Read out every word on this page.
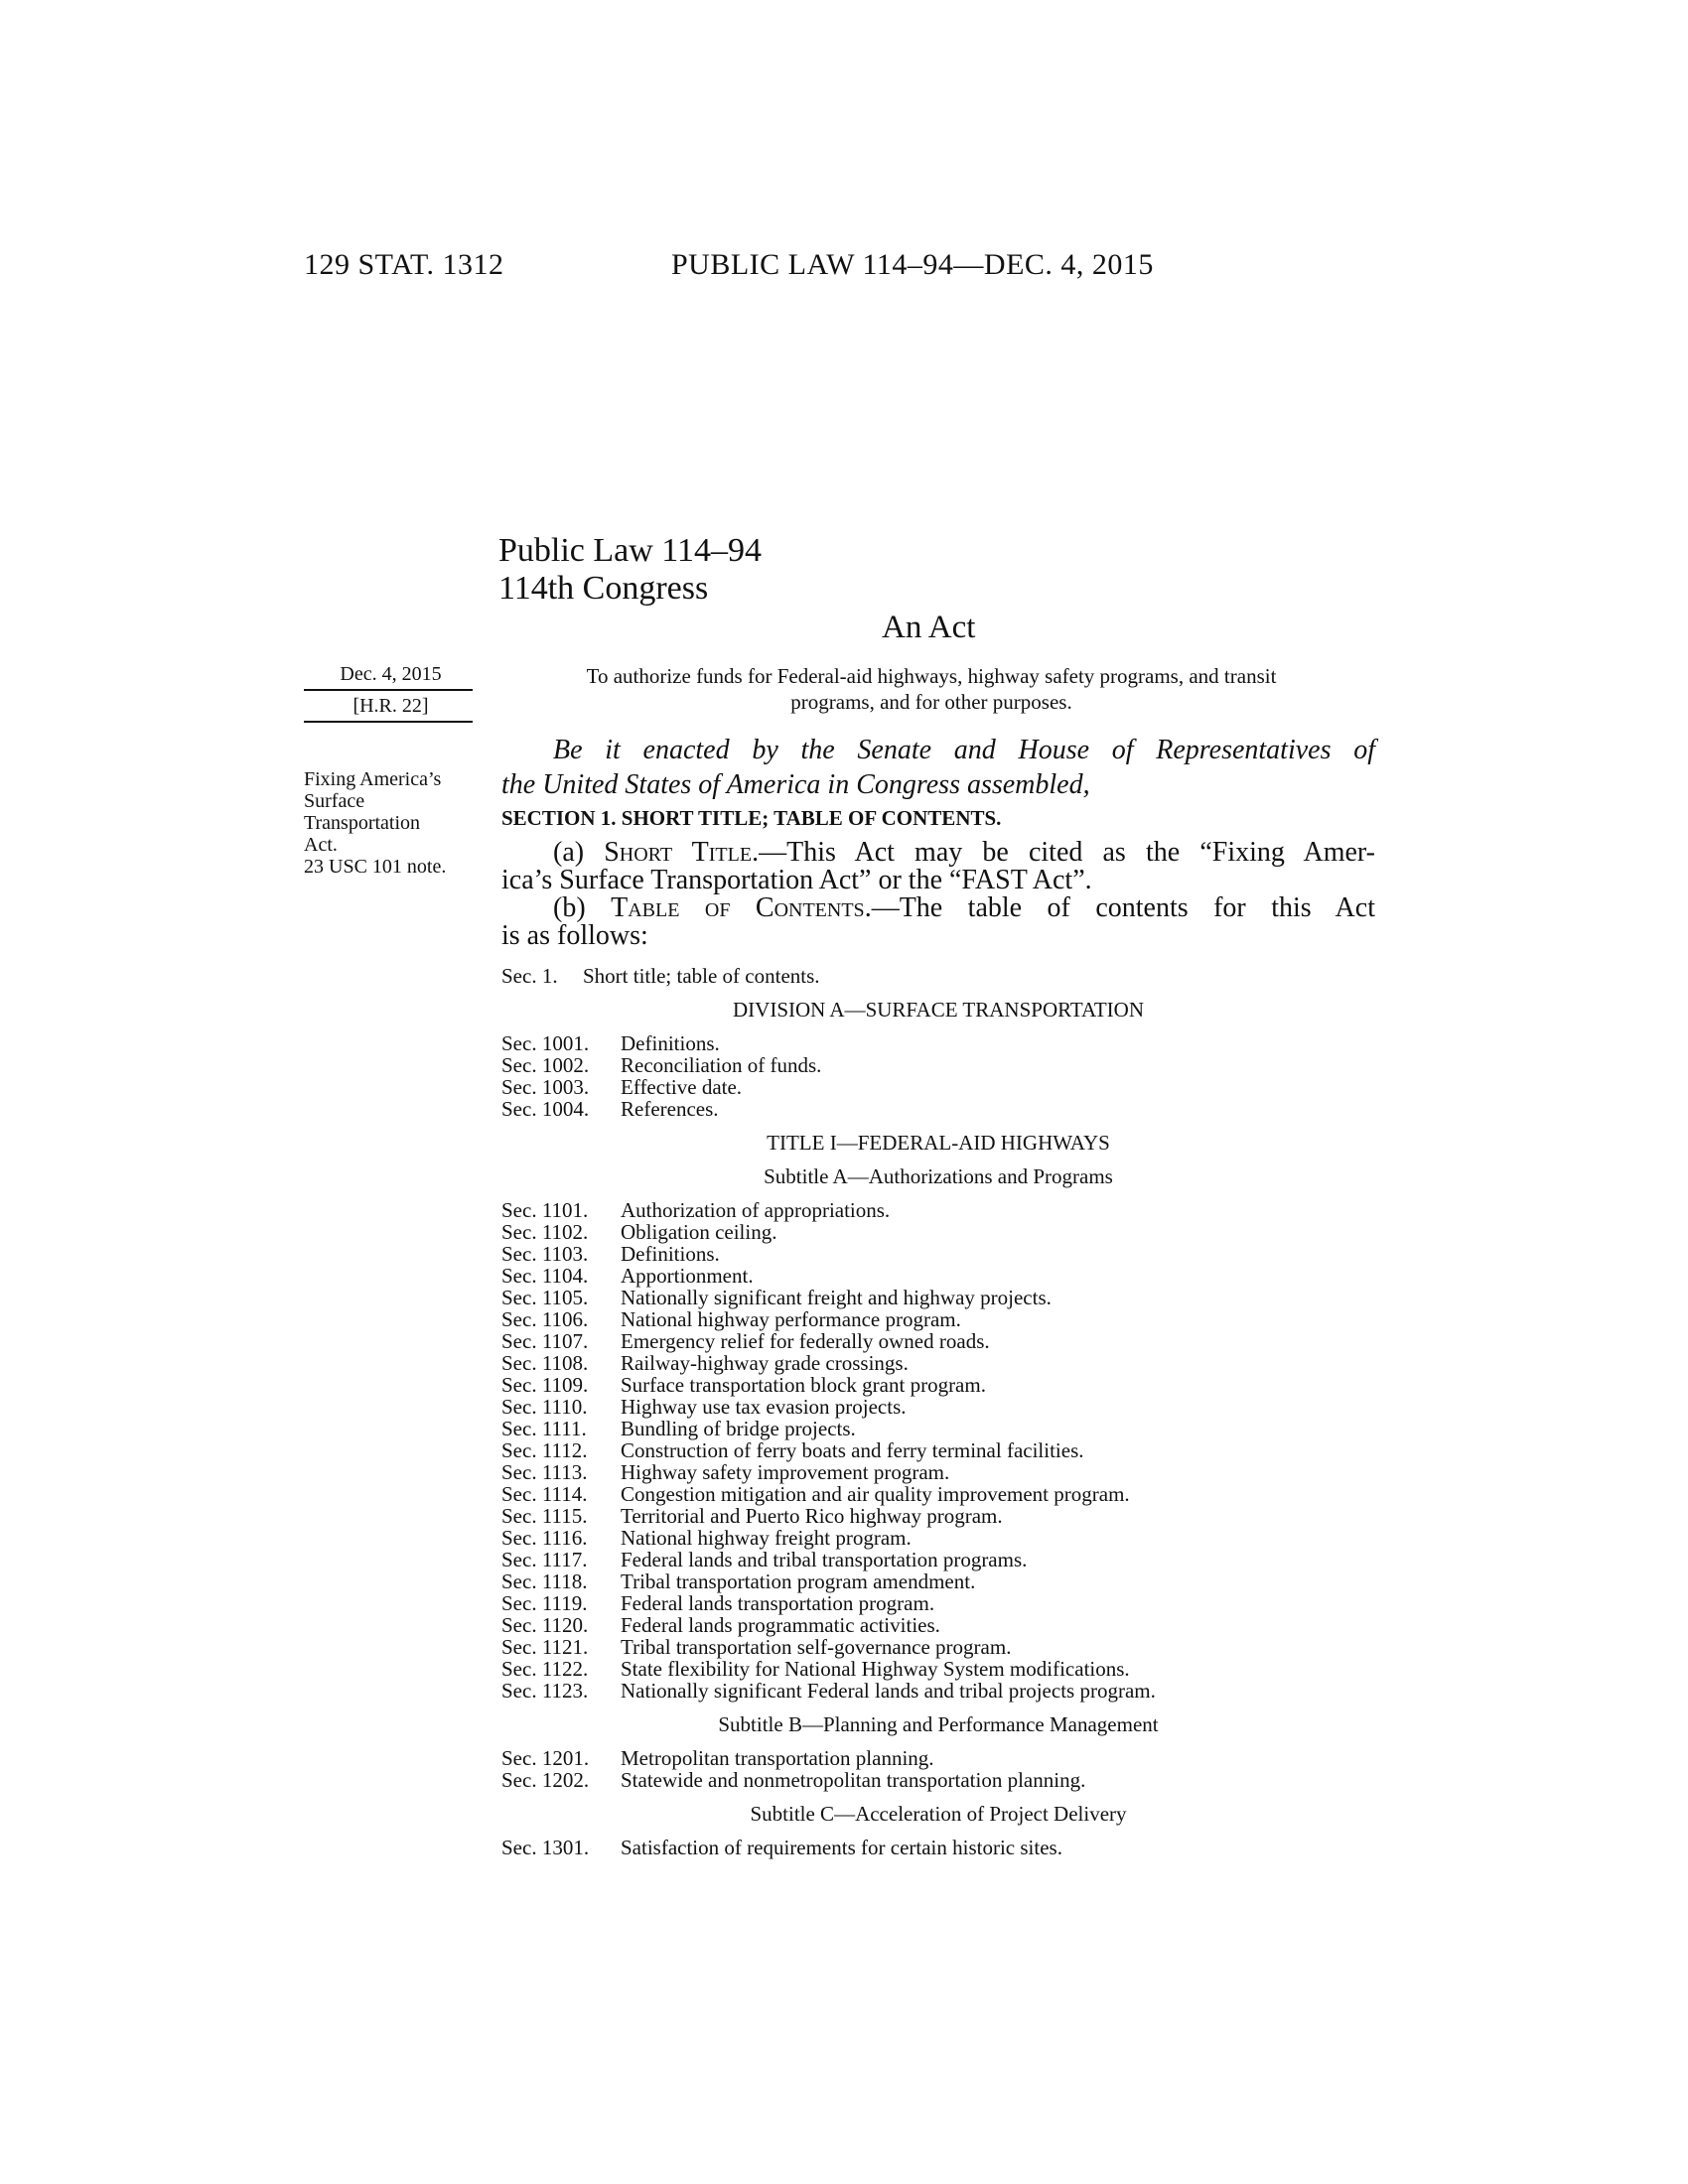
129 STAT. 1312	PUBLIC LAW 114–94—DEC. 4, 2015
Public Law 114–94
114th Congress
An Act
Dec. 4, 2015
[H.R. 22]
Fixing America’s
Surface
Transportation
Act.
23 USC 101 note.
To authorize funds for Federal-aid highways, highway safety programs, and transit
programs, and for other purposes.
Be it enacted by the Senate and House of Representatives of
the United States of America in Congress assembled,
SECTION 1. SHORT TITLE; TABLE OF CONTENTS.
(a) Short Title.—This Act may be cited as the “Fixing Amer-
ica’s Surface Transportation Act” or the “FAST Act”.
(b) Table of Contents.—The table of contents for this Act
is as follows:
Sec. 1. Short title; table of contents.
DIVISION A—SURFACE TRANSPORTATION
Sec. 1001. Definitions.
Sec. 1002. Reconciliation of funds.
Sec. 1003. Effective date.
Sec. 1004. References.
TITLE I—FEDERAL-AID HIGHWAYS
Subtitle A—Authorizations and Programs
Sec. 1101. Authorization of appropriations.
Sec. 1102. Obligation ceiling.
Sec. 1103. Definitions.
Sec. 1104. Apportionment.
Sec. 1105. Nationally significant freight and highway projects.
Sec. 1106. National highway performance program.
Sec. 1107. Emergency relief for federally owned roads.
Sec. 1108. Railway-highway grade crossings.
Sec. 1109. Surface transportation block grant program.
Sec. 1110. Highway use tax evasion projects.
Sec. 1111. Bundling of bridge projects.
Sec. 1112. Construction of ferry boats and ferry terminal facilities.
Sec. 1113. Highway safety improvement program.
Sec. 1114. Congestion mitigation and air quality improvement program.
Sec. 1115. Territorial and Puerto Rico highway program.
Sec. 1116. National highway freight program.
Sec. 1117. Federal lands and tribal transportation programs.
Sec. 1118. Tribal transportation program amendment.
Sec. 1119. Federal lands transportation program.
Sec. 1120. Federal lands programmatic activities.
Sec. 1121. Tribal transportation self-governance program.
Sec. 1122. State flexibility for National Highway System modifications.
Sec. 1123. Nationally significant Federal lands and tribal projects program.
Subtitle B—Planning and Performance Management
Sec. 1201. Metropolitan transportation planning.
Sec. 1202. Statewide and nonmetropolitan transportation planning.
Subtitle C—Acceleration of Project Delivery
Sec. 1301. Satisfaction of requirements for certain historic sites.
